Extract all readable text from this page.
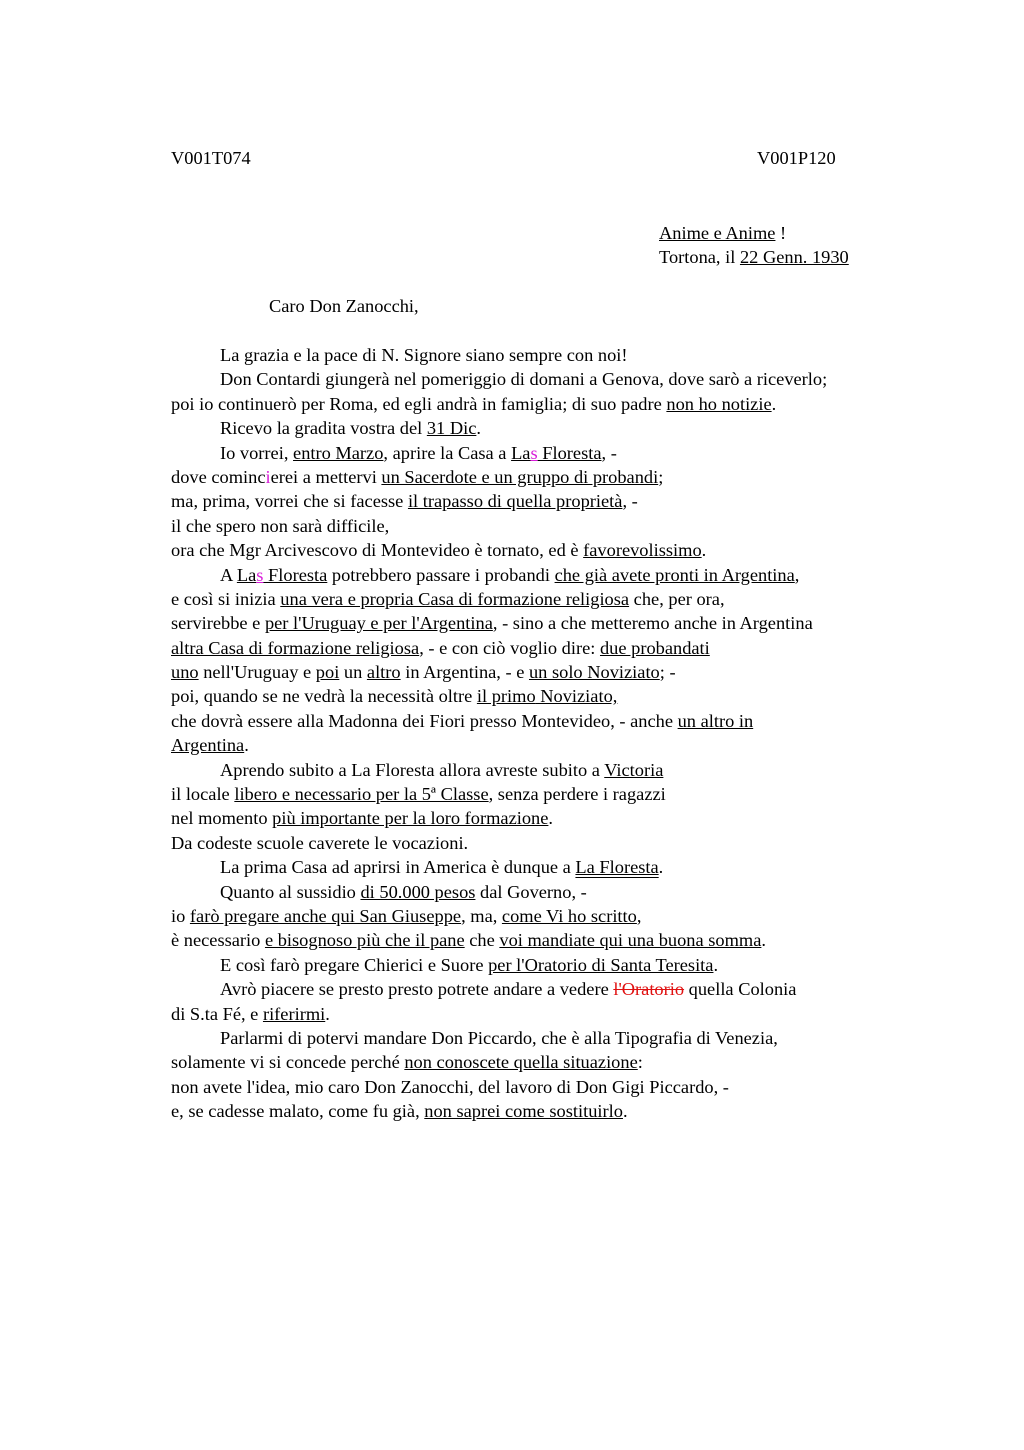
V001T074	V001P120
Anime e Anime !
Tortona, il 22 Genn. 1930
Caro Don Zanocchi,
La grazia e la pace di N. Signore siano sempre con noi!
Don Contardi giungerà nel pomeriggio di domani a Genova, dove sarò a riceverlo;
poi io continuerò per Roma, ed egli andrà in famiglia; di suo padre non ho notizie.
Ricevo la gradita vostra del 31 Dic.
Io vorrei, entro Marzo, aprire la Casa a Las Floresta, -
dove comincierei a mettervi un Sacerdote e un gruppo di probandi;
ma, prima, vorrei che si facesse il trapasso di quella proprietà, -
il che spero non sarà difficile,
ora che Mgr Arcivescovo di Montevideo è tornato, ed è favorevolissimo.
A Las Floresta potrebbero passare i probandi che già avete pronti in Argentina,
e così si inizia una vera e propria Casa di formazione religiosa che, per ora,
servirebbe e per l'Uruguay e per l'Argentina, - sino a che metteremo anche in Argentina
altra Casa di formazione religiosa, - e con ciò voglio dire: due probandati
uno nell'Uruguay e poi un altro in Argentina, - e un solo Noviziato; -
poi, quando se ne vedrà la necessità oltre il primo Noviziato,
che dovrà essere alla Madonna dei Fiori presso Montevideo, - anche un altro in
Argentina.
Aprendo subito a La Floresta allora avreste subito a Victoria
il locale libero e necessario per la 5ª Classe, senza perdere i ragazzi
nel momento più importante per la loro formazione.
Da codeste scuole caverete le vocazioni.
La prima Casa ad aprirsi in America è dunque a La Floresta.
Quanto al sussidio di 50.000 pesos dal Governo, -
io farò pregare anche qui San Giuseppe, ma, come Vi ho scritto,
è necessario e bisognoso più che il pane che voi mandiate qui una buona somma.
E così farò pregare Chierici e Suore per l'Oratorio di Santa Teresita.
Avrò piacere se presto presto potrete andare a vedere l'Oratorio quella Colonia
di S.ta Fé, e riferirmi.
Parlarmi di potervi mandare Don Piccardo, che è alla Tipografia di Venezia,
solamente vi si concede perché non conoscete quella situazione:
non avete l'idea, mio caro Don Zanocchi, del lavoro di Don Gigi Piccardo, -
e, se cadesse malato, come fu già, non saprei come sostituirlo.
